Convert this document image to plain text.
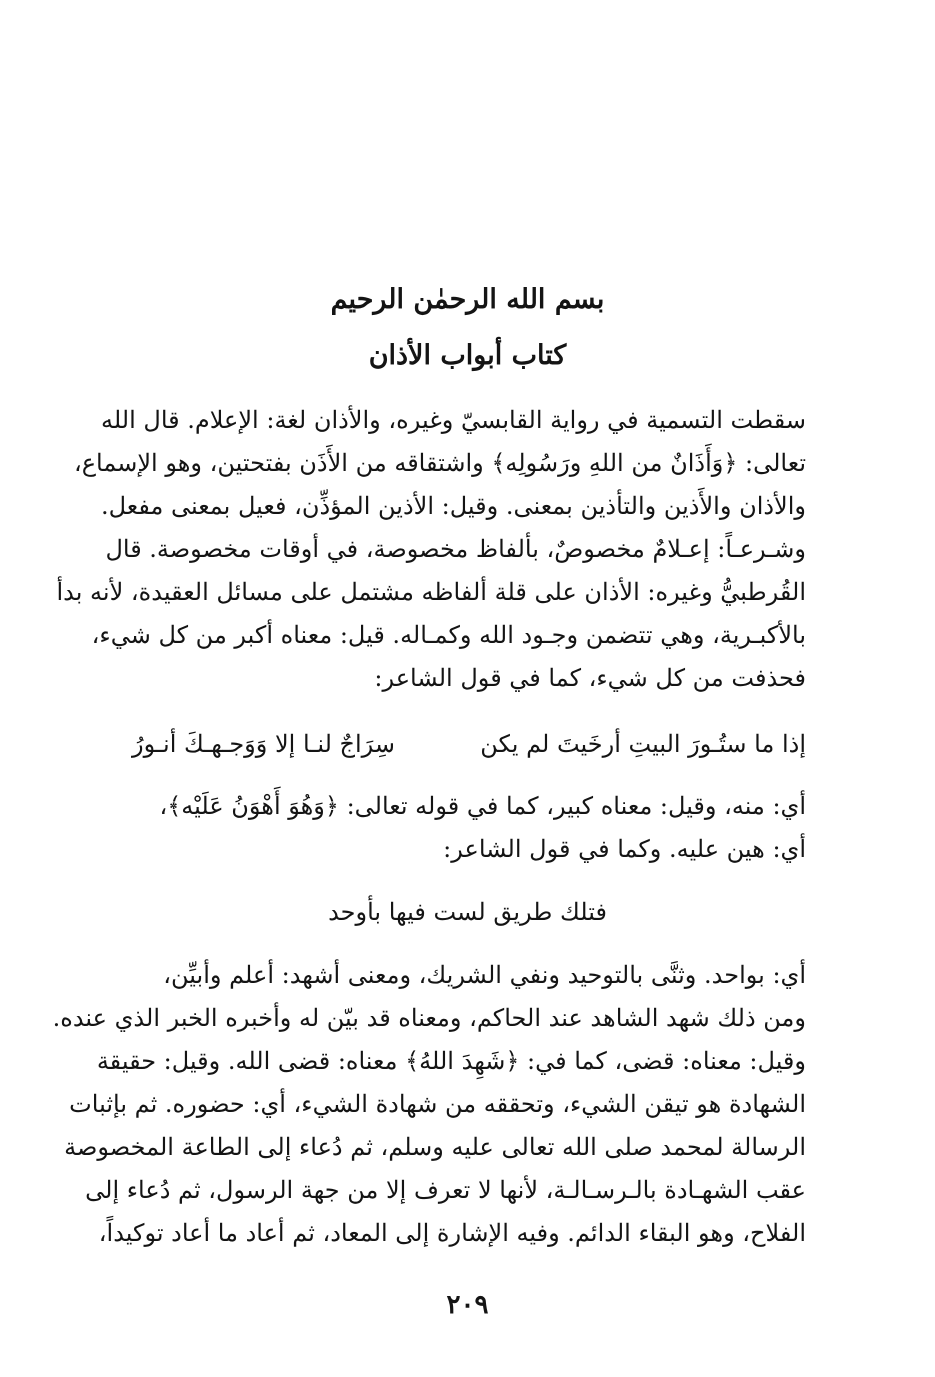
بسم الله الرحمٰن الرحيم
كتاب أبواب الأذان
سقطت التسمية في رواية القابسيّ وغيره، والأذان لغة: الإعلام. قال الله
تعالى: ﴿وَأَذَانٌ من اللهِ ورَسُولِه﴾ واشتقاقه من الأَذَن بفتحتين، وهو الإسماع،
والأذان والأَذين والتأذين بمعنى. وقيل: الأذين المؤذِّن، فعيل بمعنى مفعل.
وشـرعـاً: إعـلامٌ مخصوصٌ، بألفاظ مخصوصة، في أوقات مخصوصة. قال
القُرطبيُّ وغيره: الأذان على قلة ألفاظه مشتمل على مسائل العقيدة، لأنه بدأ
بالأكبـرية، وهي تتضمن وجـود الله وكمـاله. قيل: معناه أكبر من كل شيء،
فحذفت من كل شيء، كما في قول الشاعر:
إذا ما ستُـورَ البيتِ أرخَيتَ لم يكن
سِرَاجٌ لنـا إلا وَوَجـهـكَ أنـورُ
أي: منه، وقيل: معناه كبير، كما في قوله تعالى: ﴿وَهُوَ أَهْوَنُ عَلَيْه﴾،
أي: هين عليه. وكما في قول الشاعر:
فتلك طريق لست فيها بأوحد
أي: بواحد. وثنَّى بالتوحيد ونفي الشريك، ومعنى أشهد: أعلم وأبيِّن،
ومن ذلك شهد الشاهد عند الحاكم، ومعناه قد بيّن له وأخبره الخبر الذي عنده.
وقيل: معناه: قضى، كما في: ﴿شَهِدَ اللهُ﴾ معناه: قضى الله. وقيل: حقيقة
الشهادة هو تيقن الشيء، وتحققه من شهادة الشيء، أي: حضوره. ثم بإثبات
الرسالة لمحمد صلى الله تعالى عليه وسلم، ثم دُعاء إلى الطاعة المخصوصة
عقب الشهـادة بالـرسـالـة، لأنها لا تعرف إلا من جهة الرسول، ثم دُعاء إلى
الفلاح، وهو البقاء الدائم. وفيه الإشارة إلى المعاد، ثم أعاد ما أعاد توكيداً،
٢٠٩
